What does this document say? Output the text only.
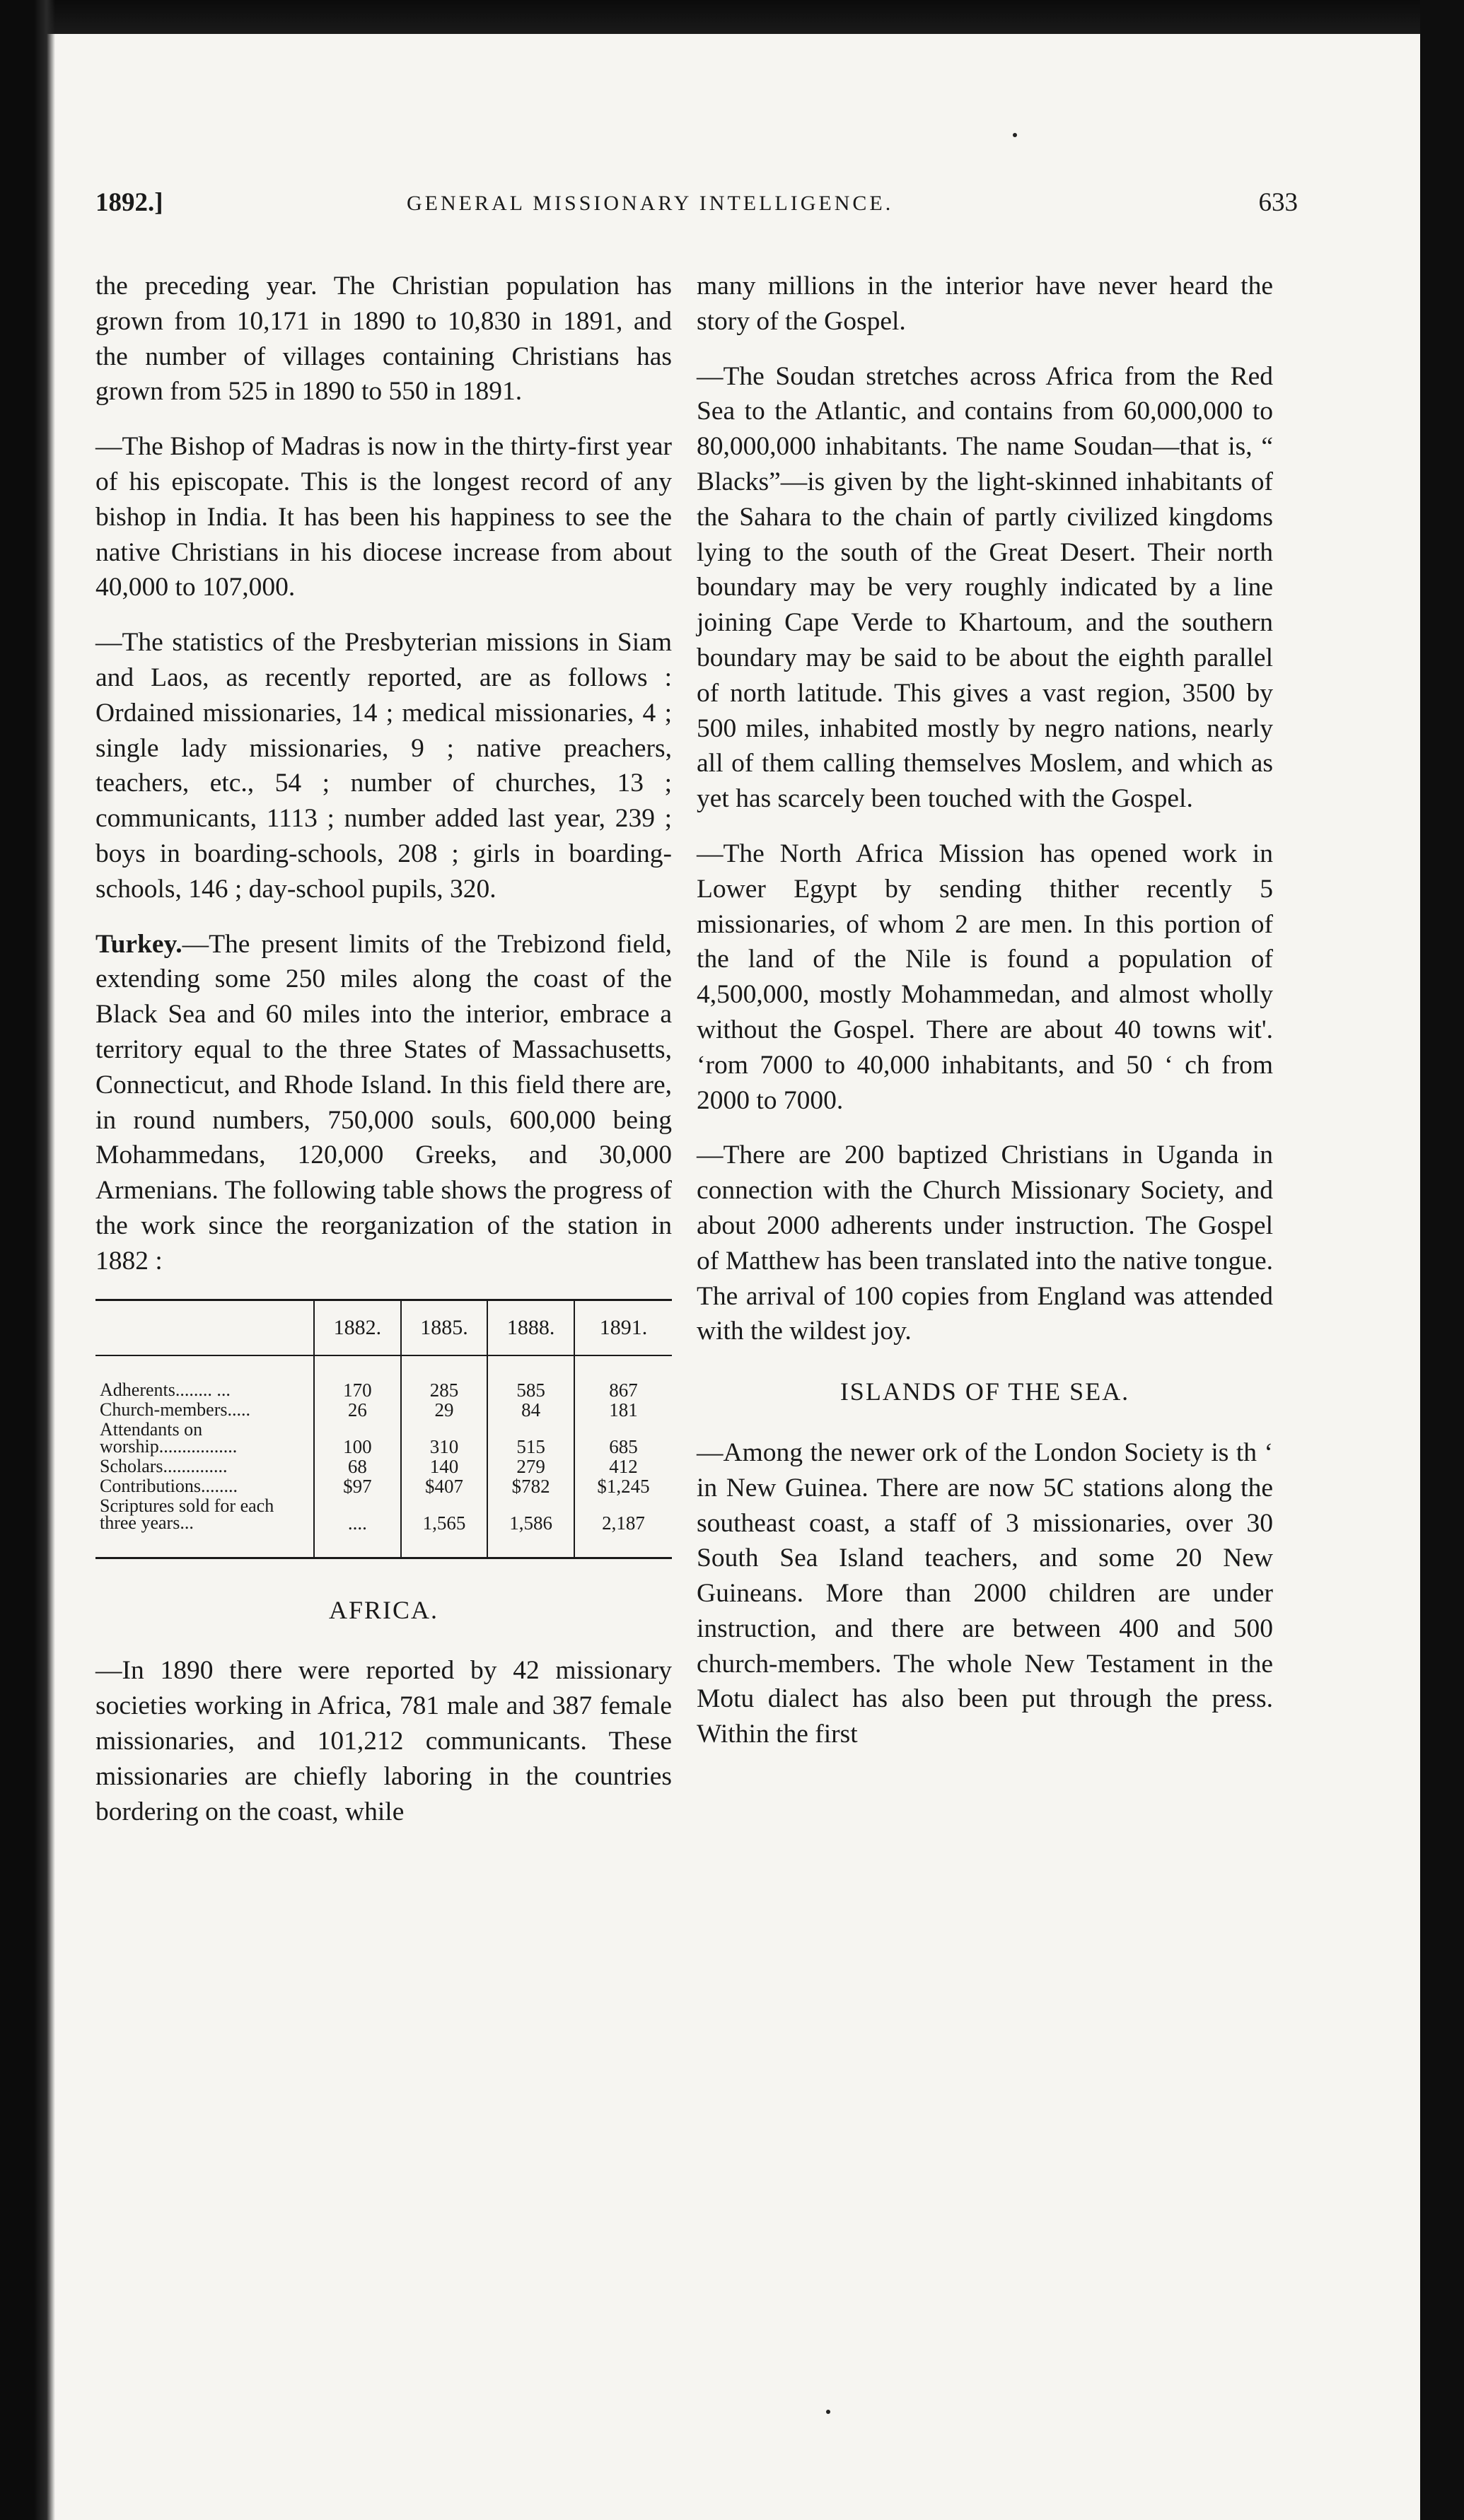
1892.]	GENERAL MISSIONARY INTELLIGENCE.	633

the preceding year. The Christian population has grown from 10,171 in 1890 to 10,830 in 1891, and the number of villages containing Christians has grown from 525 in 1890 to 550 in 1891.

—The Bishop of Madras is now in the thirty-first year of his episcopate. This is the longest record of any bishop in India. It has been his happiness to see the native Christians in his diocese increase from about 40,000 to 107,000.

—The statistics of the Presbyterian missions in Siam and Laos, as recently reported, are as follows : Ordained missionaries, 14 ; medical missionaries, 4 ; single lady missionaries, 9 ; native preachers, teachers, etc., 54 ; number of churches, 13 ; communicants, 1113 ; number added last year, 239 ; boys in boarding-schools, 208 ; girls in boarding-schools, 146 ; day-school pupils, 320.

Turkey.—The present limits of the Trebizond field, extending some 250 miles along the coast of the Black Sea and 60 miles into the interior, embrace a territory equal to the three States of Massachusetts, Connecticut, and Rhode Island. In this field there are, in round numbers, 750,000 souls, 600,000 being Mohammedans, 120,000 Greeks, and 30,000 Armenians. The following table shows the progress of the work since the reorganization of the station in 1882 :

	1882.	1885.	1888.	1891.
Adherents........ ...	170	285	585	867
Church-members.....	26	29	84	181
Attendants on worship.................	100	310	515	685
Scholars..............	68	140	279	412
Contributions........	$97	$407	$782	$1,245
Scriptures sold for each three years...	....	1,565	1,586	2,187
AFRICA.

—In 1890 there were reported by 42 missionary societies working in Africa, 781 male and 387 female missionaries, and 101,212 communicants. These missionaries are chiefly laboring in the countries bordering on the coast, while

many millions in the interior have never heard the story of the Gospel.

—The Soudan stretches across Africa from the Red Sea to the Atlantic, and contains from 60,000,000 to 80,000,000 inhabitants. The name Soudan—that is, “ Blacks”—is given by the light-skinned inhabitants of the Sahara to the chain of partly civilized kingdoms lying to the south of the Great Desert. Their north boundary may be very roughly indicated by a line joining Cape Verde to Khartoum, and the southern boundary may be said to be about the eighth parallel of north latitude. This gives a vast region, 3500 by 500 miles, inhabited mostly by negro nations, nearly all of them calling themselves Moslem, and which as yet has scarcely been touched with the Gospel.

—The North Africa Mission has opened work in Lower Egypt by sending thither recently 5 missionaries, of whom 2 are men. In this portion of the land of the Nile is found a population of 4,500,000, mostly Mohammedan, and almost wholly without the Gospel. There are about 40 towns wit'. ‘rom 7000 to 40,000 inhabitants, and 50 ‘ ch from 2000 to 7000.

—There are 200 baptized Christians in Uganda in connection with the Church Missionary Society, and about 2000 adherents under instruction. The Gospel of Matthew has been translated into the native tongue. The arrival of 100 copies from England was attended with the wildest joy.

ISLANDS OF THE SEA.

—Among the newer ork of the London Society is th ‘ in New Guinea. There are now 5C stations along the southeast coast, a staff of 3 missionaries, over 30 South Sea Island teachers, and some 20 New Guineans. More than 2000 children are under instruction, and there are between 400 and 500 church-members. The whole New Testament in the Motu dialect has also been put through the press. Within the first
